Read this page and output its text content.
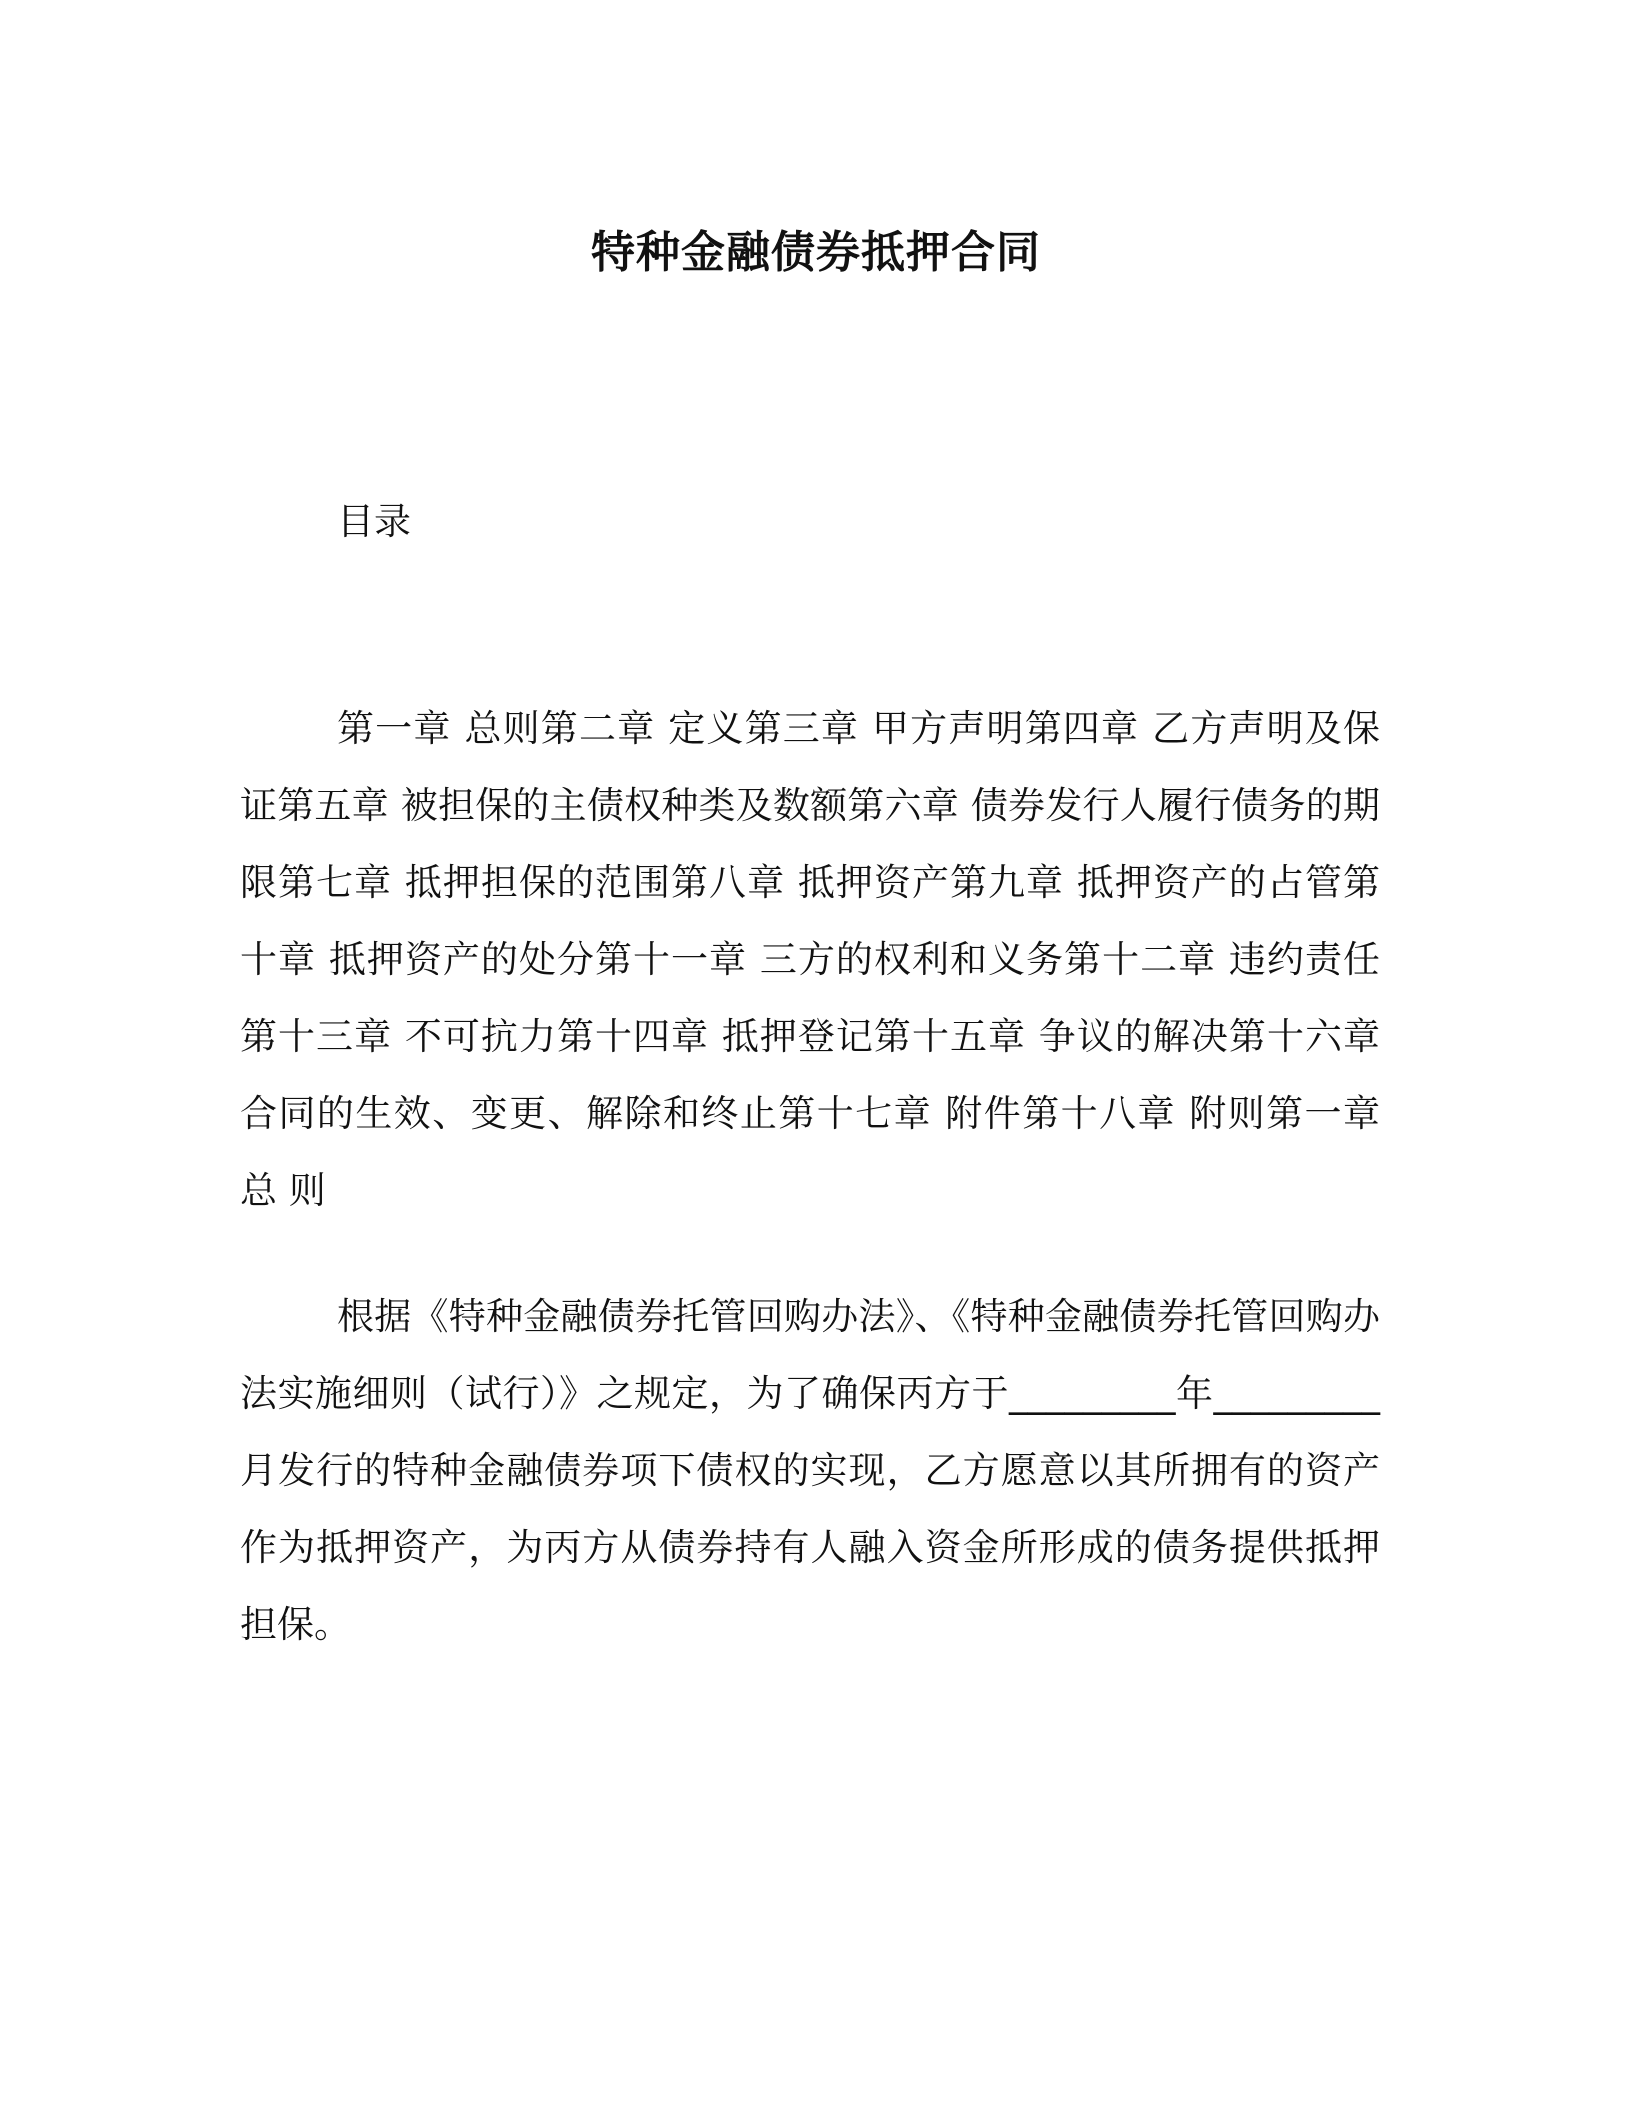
特种金融债券抵押合同
目录
第一章 总则第二章 定义第三章 甲方声明第四章 乙方声明及保证第五章 被担保的主债权种类及数额第六章 债券发行人履行债务的期限第七章 抵押担保的范围第八章 抵押资产第九章 抵押资产的占管第十章 抵押资产的处分第十一章 三方的权利和义务第十二章 违约责任第十三章 不可抗力第十四章 抵押登记第十五章 争议的解决第十六章 合同的生效、变更、解除和终止第十七章 附件第十八章 附则第一章　 总 则
根据《特种金融债券托管回购办法》、《特种金融债券托管回购办法实施细则（试行）》之规定，为了确保丙方于_________年_________月发行的特种金融债券项下债权的实现，乙方愿意以其所拥有的资产作为抵押资产，为丙方从债券持有人融入资金所形成的债务提供抵押担保。
